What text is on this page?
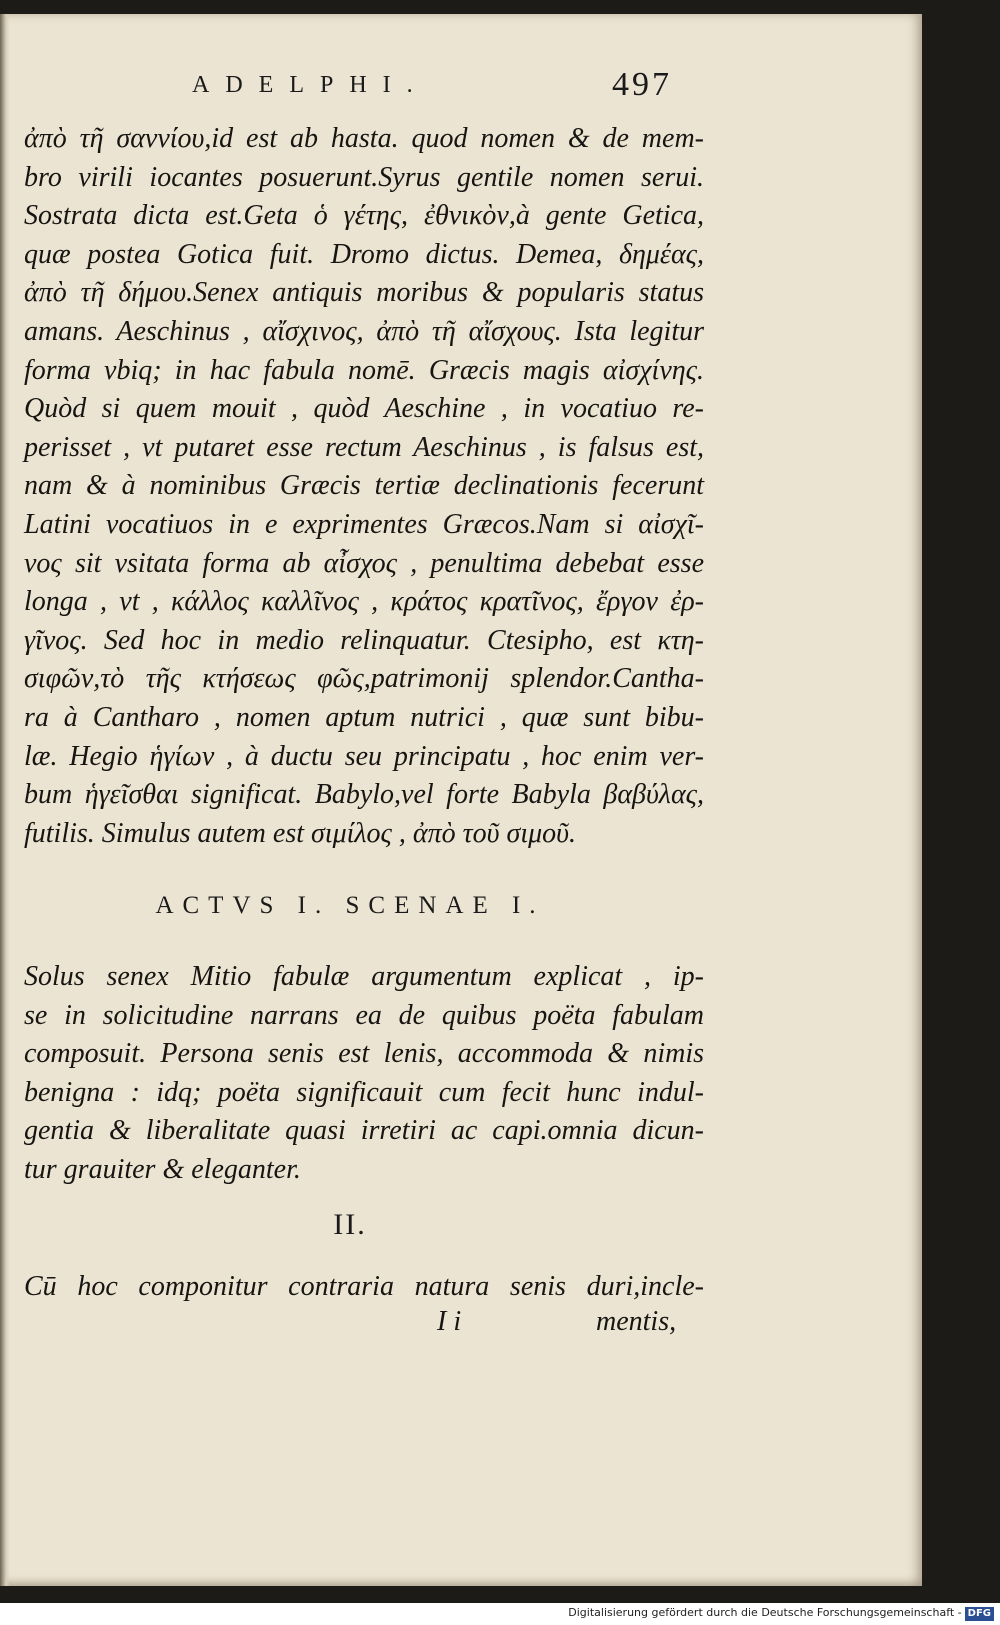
ADELPHI.	497
ἀπὸ τῆ σαννίου,id est ab hasta. quod nomen & de mem-
bro virili iocantes posuerunt.Syrus gentile nomen serui.
Sostrata dicta est.Geta ὁ γέτης, ἐθνικὸν,à gente Getica,
quæ postea Gotica fuit. Dromo dictus. Demea, δημέας,
ἀπὸ τῆ δήμου.Senex antiquis moribus & popularis status
amans. Aeschinus , αἴσχινος, ἀπὸ τῆ αἴσχους. Ista legitur
forma vbiq; in hac fabula nomē. Græcis magis αἰσχίνης.
Quòd si quem mouit , quòd Aeschine , in vocatiuo re-
perisset , vt putaret esse rectum Aeschinus , is falsus est,
nam & à nominibus Græcis tertiæ declinationis fecerunt
Latini vocatiuos in e exprimentes Græcos.Nam si αἰσχῖ-
νος sit vsitata forma ab αἶσχος , penultima debebat esse
longa , vt , κάλλος καλλῖνος , κράτος κρατῖνος, ἔργον ἐρ-
γῖνος. Sed hoc in medio relinquatur. Ctesipho, est κτη-
σιφῶν,τὸ τῆς κτήσεως φῶς,patrimonij splendor.Cantha-
ra à Cantharo , nomen aptum nutrici , quæ sunt bibu-
læ. Hegio ἡγίων , à ductu seu principatu , hoc enim ver-
bum ἡγεῖσθαι significat. Babylo,vel forte Babyla βαβύλας,
futilis. Simulus autem est σιμίλος , ἀπὸ τοῦ σιμοῦ.
ACTVS I. SCENAE I.
Solus senex Mitio fabulæ argumentum explicat , ip-
se in solicitudine narrans ea de quibus poëta fabulam
composuit. Persona senis est lenis, accommoda & nimis
benigna : idq; poëta significauit cum fecit hunc indul-
gentia & liberalitate quasi irretiri ac capi.omnia dicun-
tur grauiter & eleganter.
II.
Cū hoc componitur contraria natura senis duri,incle-
I i	mentis,
Digitalisierung gefördert durch die Deutsche Forschungsgemeinschaft - DFG
